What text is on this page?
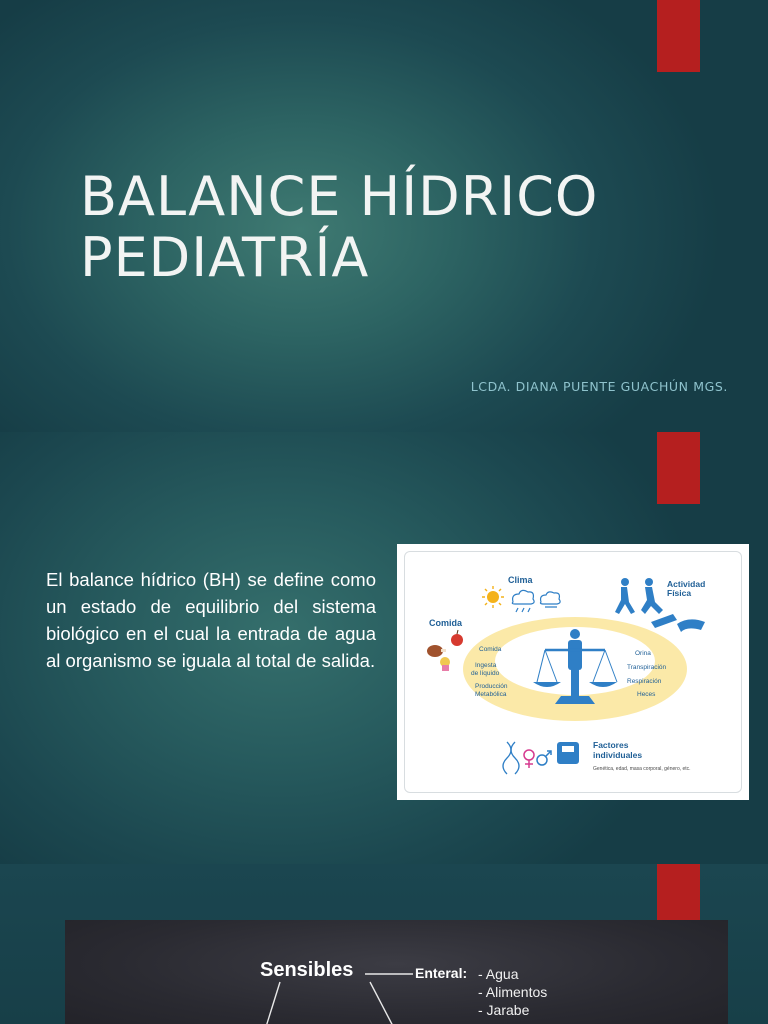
BALANCE HÍDRICO
PEDIATRÍA
LCDA. DIANA PUENTE GUACHÚN MGS.

El balance hídrico (BH) se define como un estado de equilibrio del sistema biológico en el cual la entrada de agua al organismo se iguala al total de salida.

Clima
Comida
Actividad
Física
Comida
Ingesta
de líquido
Producción
Metabólica
Orina
Transpiración
Respiración
Heces
Ingresos	Pérdidas
Factores
individuales
Genética, edad, masa corporal, género, etc.
Sensibles	Enteral: - Agua
- Alimentos
- Jarabe
